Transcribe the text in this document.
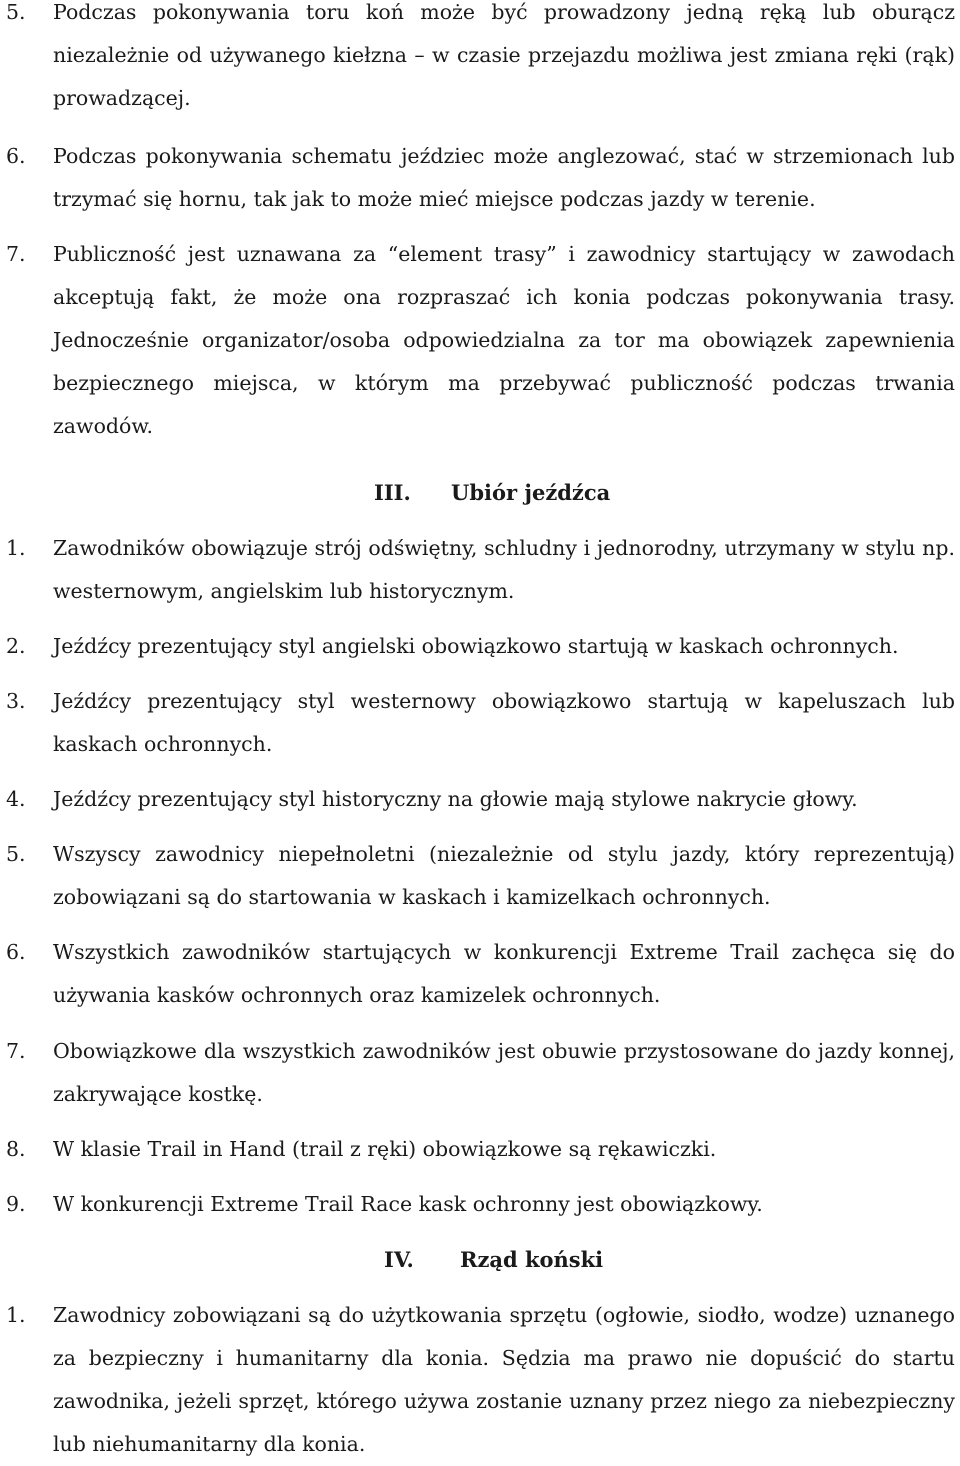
5. Podczas pokonywania toru koń może być prowadzony jedną ręką lub oburącz niezależnie od używanego kiełzna – w czasie przejazdu możliwa jest zmiana ręki (rąk) prowadzącej.
6. Podczas pokonywania schematu jeździec może anglezować, stać w strzemionach lub trzymać się hornu, tak jak to może mieć miejsce podczas jazdy w terenie.
7. Publiczność jest uznawana za “element trasy” i zawodnicy startujący w zawodach akceptują fakt, że może ona rozpraszać ich konia podczas pokonywania trasy. Jednocześnie organizator/osoba odpowiedzialna za tor ma obowiązek zapewnienia bezpiecznego miejsca, w którym ma przebywać publiczność podczas trwania zawodów.
III. Ubiór jeźdźca
1. Zawodników obowiązuje strój odświętny, schludny i jednorodny, utrzymany w stylu np. westernowym, angielskim lub historycznym.
2. Jeźdźcy prezentujący styl angielski obowiązkowo startują w kaskach ochronnych.
3. Jeźdźcy prezentujący styl westernowy obowiązkowo startują w kapeluszach lub kaskach ochronnych.
4. Jeźdźcy prezentujący styl historyczny na głowie mają stylowe nakrycie głowy.
5. Wszyscy zawodnicy niepełnoletni (niezależnie od stylu jazdy, który reprezentują) zobowiązani są do startowania w kaskach i kamizelkach ochronnych.
6. Wszystkich zawodników startujących w konkurencji Extreme Trail zachęca się do używania kasków ochronnych oraz kamizelek ochronnych.
7. Obowiązkowe dla wszystkich zawodników jest obuwie przystosowane do jazdy konnej, zakrywające kostkę.
8. W klasie Trail in Hand (trail z ręki) obowiązkowe są rękawiczki.
9. W konkurencji Extreme Trail Race kask ochronny jest obowiązkowy.
IV. Rząd koński
1. Zawodnicy zobowiązani są do użytkowania sprzętu (ogłowie, siodło, wodze) uznanego za bezpieczny i humanitarny dla konia. Sędzia ma prawo nie dopuścić do startu zawodnika, jeżeli sprzęt, którego używa zostanie uznany przez niego za niebezpieczny lub niehumanitarny dla konia.
